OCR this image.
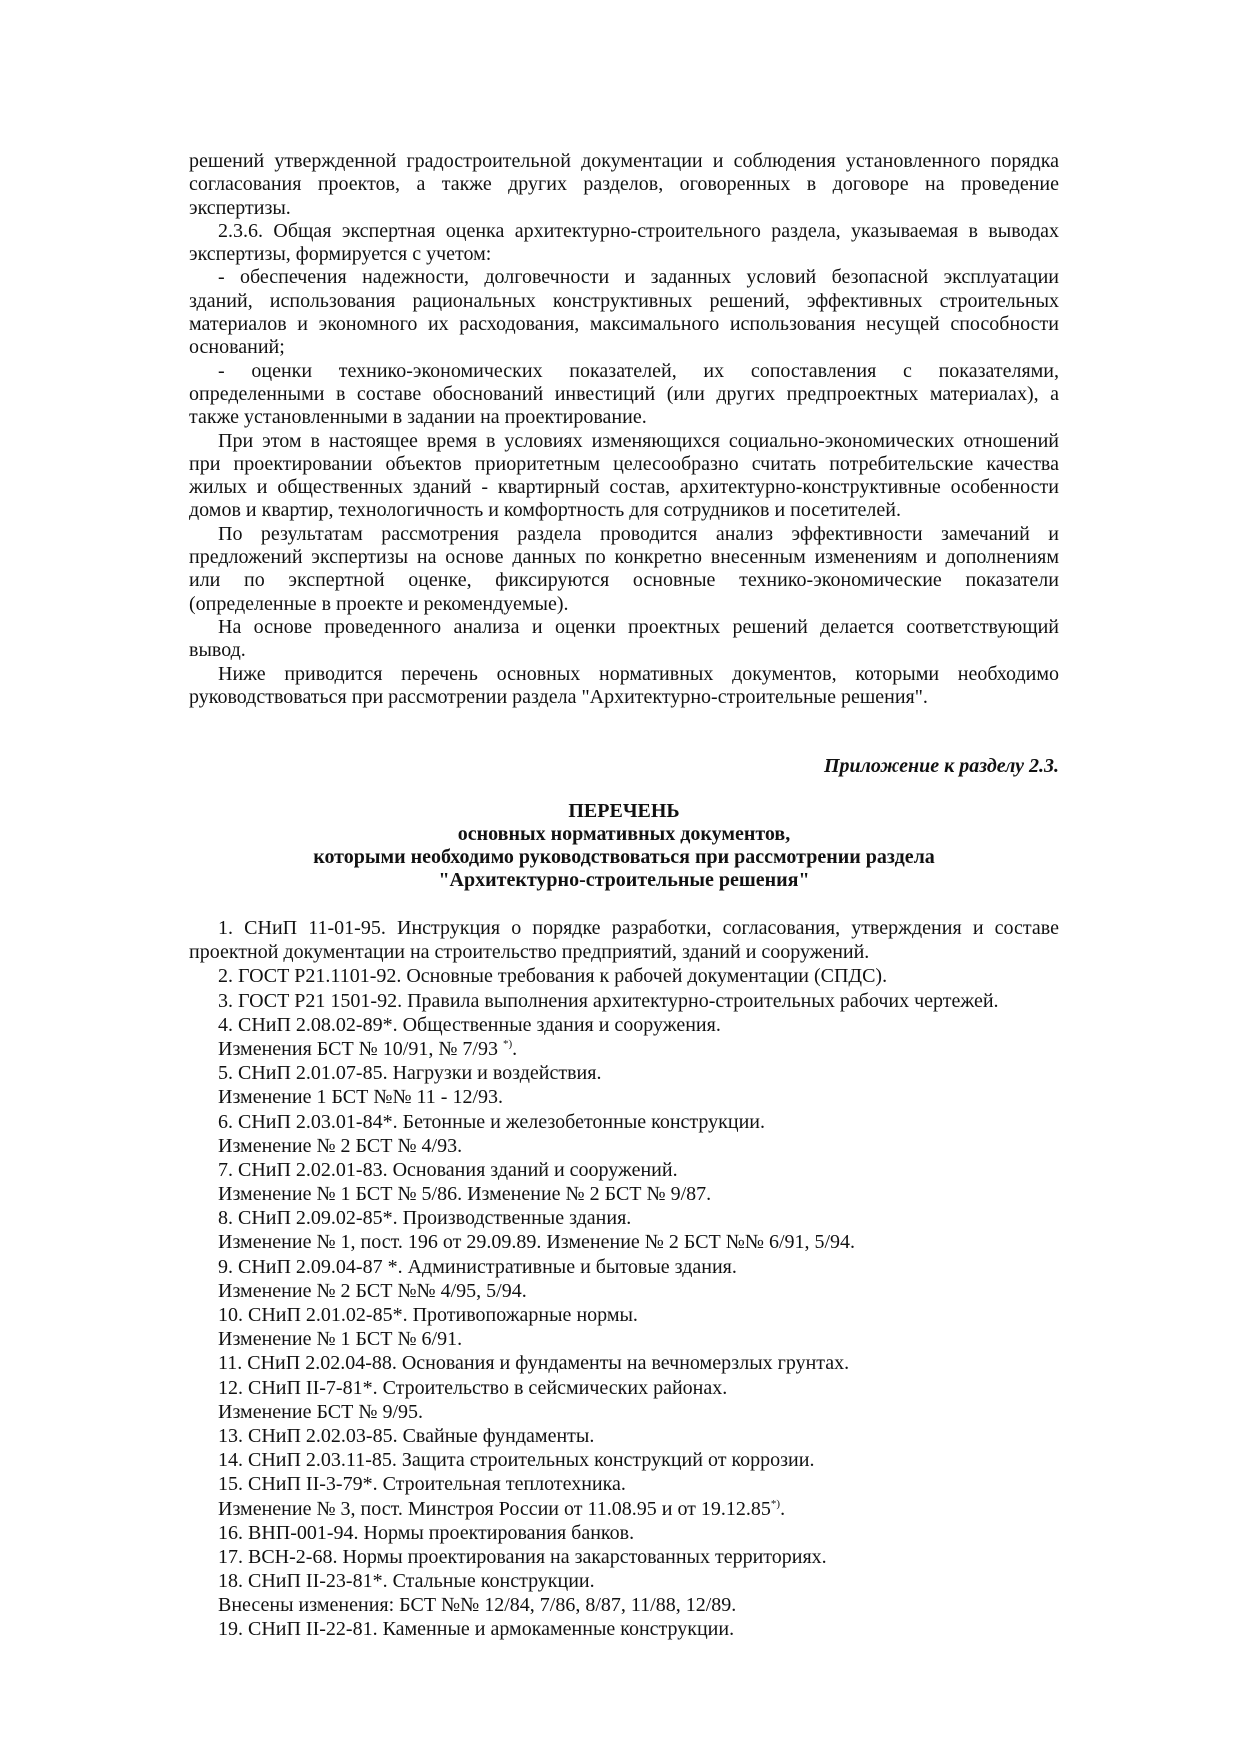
решений утвержденной градостроительной документации и соблюдения установленного порядка
согласования проектов, а также других разделов, оговоренных в договоре на проведение
экспертизы.
2.3.6. Общая экспертная оценка архитектурно-строительного раздела, указываемая в выводах
экспертизы, формируется с учетом:
- обеспечения надежности, долговечности и заданных условий безопасной эксплуатации
зданий, использования рациональных конструктивных решений, эффективных строительных
материалов и экономного их расходования, максимального использования несущей способности
оснований;
- оценки технико-экономических показателей, их сопоставления с показателями,
определенными в составе обоснований инвестиций (или других предпроектных материалах), а
также установленными в задании на проектирование.
При этом в настоящее время в условиях изменяющихся социально-экономических отношений
при проектировании объектов приоритетным целесообразно считать потребительские качества
жилых и общественных зданий - квартирный состав, архитектурно-конструктивные особенности
домов и квартир, технологичность и комфортность для сотрудников и посетителей.
По результатам рассмотрения раздела проводится анализ эффективности замечаний и
предложений экспертизы на основе данных по конкретно внесенным изменениям и дополнениям
или по экспертной оценке, фиксируются основные технико-экономические показатели
(определенные в проекте и рекомендуемые).
На основе проведенного анализа и оценки проектных решений делается соответствующий
вывод.
Ниже приводится перечень основных нормативных документов, которыми необходимо
руководствоваться при рассмотрении раздела "Архитектурно-строительные решения".
Приложение к разделу 2.3.
ПЕРЕЧЕНЬ
основных нормативных документов,
которыми необходимо руководствоваться при рассмотрении раздела
"Архитектурно-строительные решения"
1. СНиП 11-01-95. Инструкция о порядке разработки, согласования, утверждения и составе
проектной документации на строительство предприятий, зданий и сооружений.
2. ГОСТ Р21.1101-92. Основные требования к рабочей документации (СПДС).
3. ГОСТ Р21 1501-92. Правила выполнения архитектурно-строительных рабочих чертежей.
4. СНиП 2.08.02-89*. Общественные здания и сооружения.
Изменения БСТ № 10/91, № 7/93 *).
5. СНиП 2.01.07-85. Нагрузки и воздействия.
Изменение 1 БСТ №№ 11 - 12/93.
6. СНиП 2.03.01-84*. Бетонные и железобетонные конструкции.
Изменение № 2 БСТ № 4/93.
7. СНиП 2.02.01-83. Основания зданий и сооружений.
Изменение № 1 БСТ № 5/86. Изменение № 2 БСТ № 9/87.
8. СНиП 2.09.02-85*. Производственные здания.
Изменение № 1, пост. 196 от 29.09.89. Изменение № 2 БСТ №№ 6/91, 5/94.
9. СНиП 2.09.04-87 *. Административные и бытовые здания.
Изменение № 2 БСТ №№ 4/95, 5/94.
10. СНиП 2.01.02-85*. Противопожарные нормы.
Изменение № 1 БСТ № 6/91.
11. СНиП 2.02.04-88. Основания и фундаменты на вечномерзлых грунтах.
12. СНиП II-7-81*. Строительство в сейсмических районах.
Изменение БСТ № 9/95.
13. СНиП 2.02.03-85. Свайные фундаменты.
14. СНиП 2.03.11-85. Защита строительных конструкций от коррозии.
15. СНиП II-3-79*. Строительная теплотехника.
Изменение № 3, пост. Минстроя России от 11.08.95 и от 19.12.85*).
16. ВНП-001-94. Нормы проектирования банков.
17. ВСН-2-68. Нормы проектирования на закарстованных территориях.
18. СНиП II-23-81*. Стальные конструкции.
Внесены изменения: БСТ №№ 12/84, 7/86, 8/87, 11/88, 12/89.
19. СНиП II-22-81. Каменные и армокаменные конструкции.
